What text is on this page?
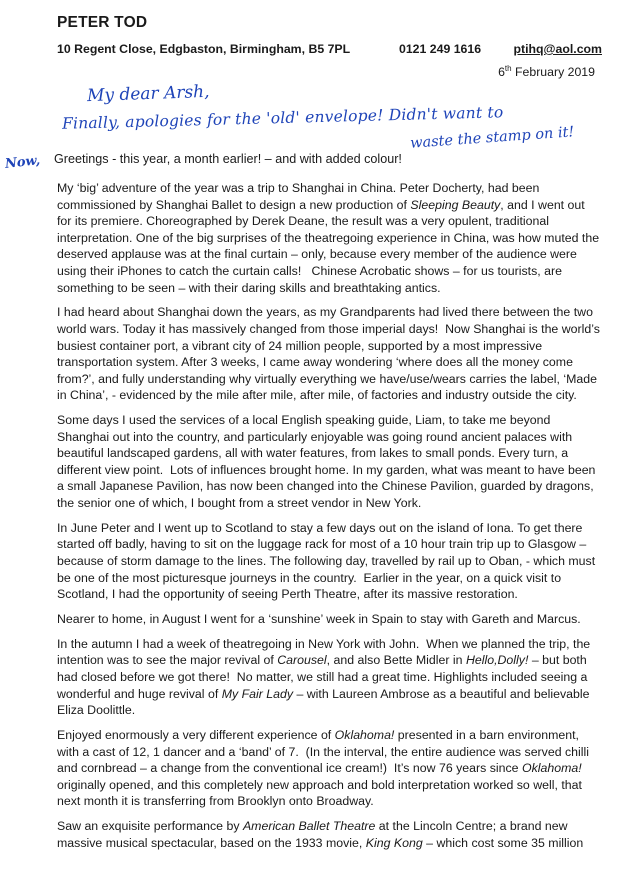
PETER TOD
10 Regent Close, Edgbaston, Birmingham, B5 7PL	0121 249 1616	ptihq@aol.com
6th February 2019
My dear Arsh,
Finally, apologies for the 'old' envelope! Didn't want to
waste the stamp on it!
Now, Greetings - this year, a month earlier! – and with added colour!

My ‘big’ adventure of the year was a trip to Shanghai in China. Peter Docherty, had been commissioned by Shanghai Ballet to design a new production of Sleeping Beauty, and I went out for its premiere. Choreographed by Derek Deane, the result was a very opulent, traditional interpretation. One of the big surprises of the theatregoing experience in China, was how muted the deserved applause was at the final curtain – only, because every member of the audience were using their iPhones to catch the curtain calls!   Chinese Acrobatic shows – for us tourists, are something to be seen – with their daring skills and breathtaking antics.

I had heard about Shanghai down the years, as my Grandparents had lived there between the two world wars. Today it has massively changed from those imperial days!  Now Shanghai is the world’s busiest container port, a vibrant city of 24 million people, supported by a most impressive transportation system. After 3 weeks, I came away wondering ‘where does all the money come from?’, and fully understanding why virtually everything we have/use/wears carries the label, ‘Made in China’, - evidenced by the mile after mile, after mile, of factories and industry outside the city.

Some days I used the services of a local English speaking guide, Liam, to take me beyond Shanghai out into the country, and particularly enjoyable was going round ancient palaces with beautiful landscaped gardens, all with water features, from lakes to small ponds. Every turn, a different view point.  Lots of influences brought home. In my garden, what was meant to have been a small Japanese Pavilion, has now been changed into the Chinese Pavilion, guarded by dragons, the senior one of which, I bought from a street vendor in New York.

In June Peter and I went up to Scotland to stay a few days out on the island of Iona. To get there started off badly, having to sit on the luggage rack for most of a 10 hour train trip up to Glasgow – because of storm damage to the lines. The following day, travelled by rail up to Oban, - which must be one of the most picturesque journeys in the country.  Earlier in the year, on a quick visit to Scotland, I had the opportunity of seeing Perth Theatre, after its massive restoration.

Nearer to home, in August I went for a ‘sunshine’ week in Spain to stay with Gareth and Marcus.

In the autumn I had a week of theatregoing in New York with John.  When we planned the trip, the intention was to see the major revival of Carousel, and also Bette Midler in Hello,Dolly! – but both had closed before we got there!  No matter, we still had a great time. Highlights included seeing a wonderful and huge revival of My Fair Lady – with Laureen Ambrose as a beautiful and believable Eliza Doolittle.

Enjoyed enormously a very different experience of Oklahoma! presented in a barn environment, with a cast of 12, 1 dancer and a ‘band’ of 7.  (In the interval, the entire audience was served chilli and cornbread – a change from the conventional ice cream!)  It’s now 76 years since Oklahoma! originally opened, and this completely new approach and bold interpretation worked so well, that next month it is transferring from Brooklyn onto Broadway.

Saw an exquisite performance by American Ballet Theatre at the Lincoln Centre; a brand new massive musical spectacular, based on the 1933 movie, King Kong – which cost some 35 million
